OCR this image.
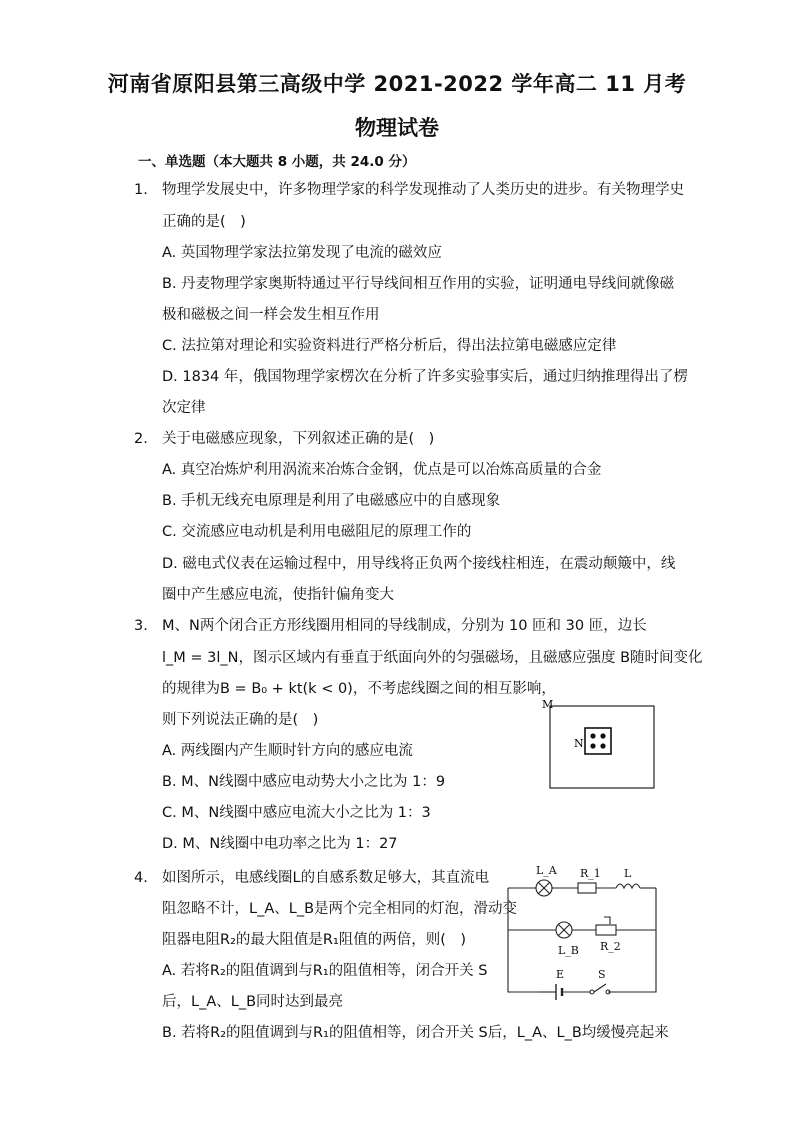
河南省原阳县第三高级中学 2021-2022 学年高二 11 月考
物理试卷
一、单选题（本大题共 8 小题，共 24.0 分）
1. 物理学发展史中，许多物理学家的科学发现推动了人类历史的进步。有关物理学史
正确的是(　)
A. 英国物理学家法拉第发现了电流的磁效应
B. 丹麦物理学家奥斯特通过平行导线间相互作用的实验，证明通电导线间就像磁
极和磁极之间一样会发生相互作用
C. 法拉第对理论和实验资料进行严格分析后，得出法拉第电磁感应定律
D. 1834 年，俄国物理学家楞次在分析了许多实验事实后，通过归纳推理得出了楞
次定律
2. 关于电磁感应现象，下列叙述正确的是(　)
A. 真空冶炼炉利用涡流来冶炼合金钢，优点是可以冶炼高质量的合金
B. 手机无线充电原理是利用了电磁感应中的自感现象
C. 交流感应电动机是利用电磁阻尼的原理工作的
D. 磁电式仪表在运输过程中，用导线将正负两个接线柱相连，在震动颠簸中，线
圈中产生感应电流，使指针偏角变大
3. M、N两个闭合正方形线圈用相同的导线制成，分别为 10 匝和 30 匝，边长
l_M = 3l_N，图示区域内有垂直于纸面向外的匀强磁场，且磁感应强度 B随时间变化
的规律为B = B₀ + kt(k < 0)，不考虑线圈之间的相互影响，
则下列说法正确的是(　)
A. 两线圈内产生顺时针方向的感应电流
B. M、N线圈中感应电动势大小之比为 1：9
C. M、N线圈中感应电流大小之比为 1：3
D. M、N线圈中电功率之比为 1：27
M
N
4. 如图所示，电感线圈L的自感系数足够大，其直流电
阻忽略不计，L_A、L_B是两个完全相同的灯泡，滑动变
阻器电阻R₂的最大阻值是R₁阻值的两倍，则(　)
A. 若将R₂的阻值调到与R₁的阻值相等，闭合开关 S
后，L_A、L_B同时达到最亮
B. 若将R₂的阻值调到与R₁的阻值相等，闭合开关 S后，L_A、L_B均缓慢亮起来
L_A R_1 L
L_B R_2
E	S
